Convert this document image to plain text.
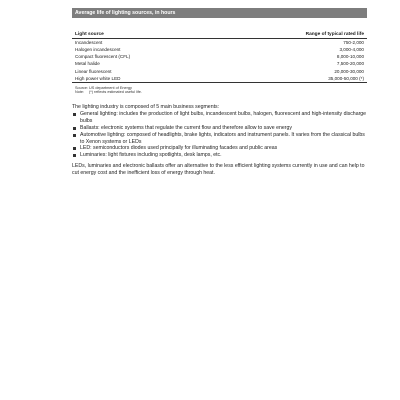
Average life of lighting sources, in hours
Light source	Range of typical rated life
Incandescent	750-2,000
Halogen incandescent	3,000-4,000
Compact fluorescent (CFL)	8,000-10,000
Metal halide	7,500-20,000
Linear fluorescent	20,000-30,000
High power white LED	35,000-50,000 (*)
Source: US department of Energy
Note:	(*) reflects estimated useful life.

The lighting industry is composed of 5 main business segments:

General lighting: includes the production of light bulbs, incandescent bulbs, halogen, fluorescent and high-intensity discharge bulbs
Ballasts: electronic systems that regulate the current flow and therefore allow to save energy
Automotive lighting: composed of headlights, brake lights, indicators and instrument panels. It varies from the classical bulbs to Xenon systems or LEDs
LED: semiconductors diodes used principally for illuminating facades and public areas
Luminaries: light fixtures including spotlights, desk lamps, etc.

LEDs, luminaries and electronic ballasts offer an alternative to the less efficient lighting systems currently in use and can help to cut energy cost and the inefficient loss of energy through heat.
